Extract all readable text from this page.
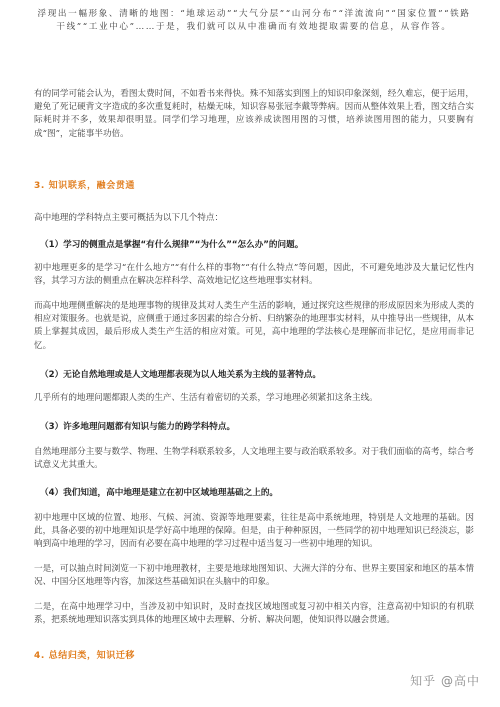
浮现出一幅形象、清晰的地图：“地球运动”“大气分层”“山河分布”“洋流流向”“国家位置”“铁路干线”“工业中心”……于是，我们就可以从中准确而有效地提取需要的信息，从容作答。

有的同学可能会认为，看图太费时间，不如看书来得快。殊不知落实到图上的知识印象深刻，经久难忘，便于运用，避免了死记硬背文字造成的多次重复耗时，枯燥无味，知识容易张冠李戴等弊病。因而从整体效果上看，图文结合实际耗时并不多，效果却很明显。同学们学习地理，应该养成读图用图的习惯，培养读图用图的能力，只要胸有成“图”，定能事半功倍。

3. 知识联系，融会贯通

高中地理的学科特点主要可概括为以下几个特点：

（1）学习的侧重点是掌握“有什么规律”“为什么”“怎么办”的问题。

初中地理更多的是学习“在什么地方”“有什么样的事物”“有什么特点”等问题，因此，不可避免地涉及大量记忆性内容，其学习方法的侧重点在解决怎样科学、高效地记忆这些地理事实材料。

而高中地理侧重解决的是地理事物的规律及其对人类生产生活的影响，通过探究这些规律的形成原因来为形成人类的相应对策服务。也就是说，应侧重于通过多因素的综合分析、归纳繁杂的地理事实材料，从中推导出一些规律，从本质上掌握其成因，最后形成人类生产生活的相应对策。可见，高中地理的学法核心是理解而非记忆，是应用而非记忆。

（2）无论自然地理或是人文地理都表现为以人地关系为主线的显著特点。

几乎所有的地理问题都跟人类的生产、生活有着密切的关系，学习地理必须紧扣这条主线。

（3）许多地理问题都有知识与能力的跨学科特点。

自然地理部分主要与数学、物理、生物学科联系较多，人文地理主要与政治联系较多。对于我们面临的高考，综合考试意义尤其重大。

（4）我们知道，高中地理是建立在初中区域地理基础之上的。

初中地理中区域的位置、地形、气候、河流、资源等地理要素，往往是高中系统地理，特别是人文地理的基础。因此，具备必要的初中地理知识是学好高中地理的保障。但是，由于种种原因，一些同学的初中地理知识已经淡忘，影响到高中地理的学习，因而有必要在高中地理的学习过程中适当复习一些初中地理的知识。

一是，可以抽点时间浏览一下初中地理教材，主要是地球地图知识、大洲大洋的分布、世界主要国家和地区的基本情况、中国分区地理等内容，加深这些基础知识在头脑中的印象。

二是，在高中地理学习中，当涉及初中知识时，及时查找区域地图或复习初中相关内容，注意高初中知识的有机联系，把系统地理知识落实到具体的地理区域中去理解、分析、解决问题，使知识得以融会贯通。

4. 总结归类，知识迁移
知乎 @高中
